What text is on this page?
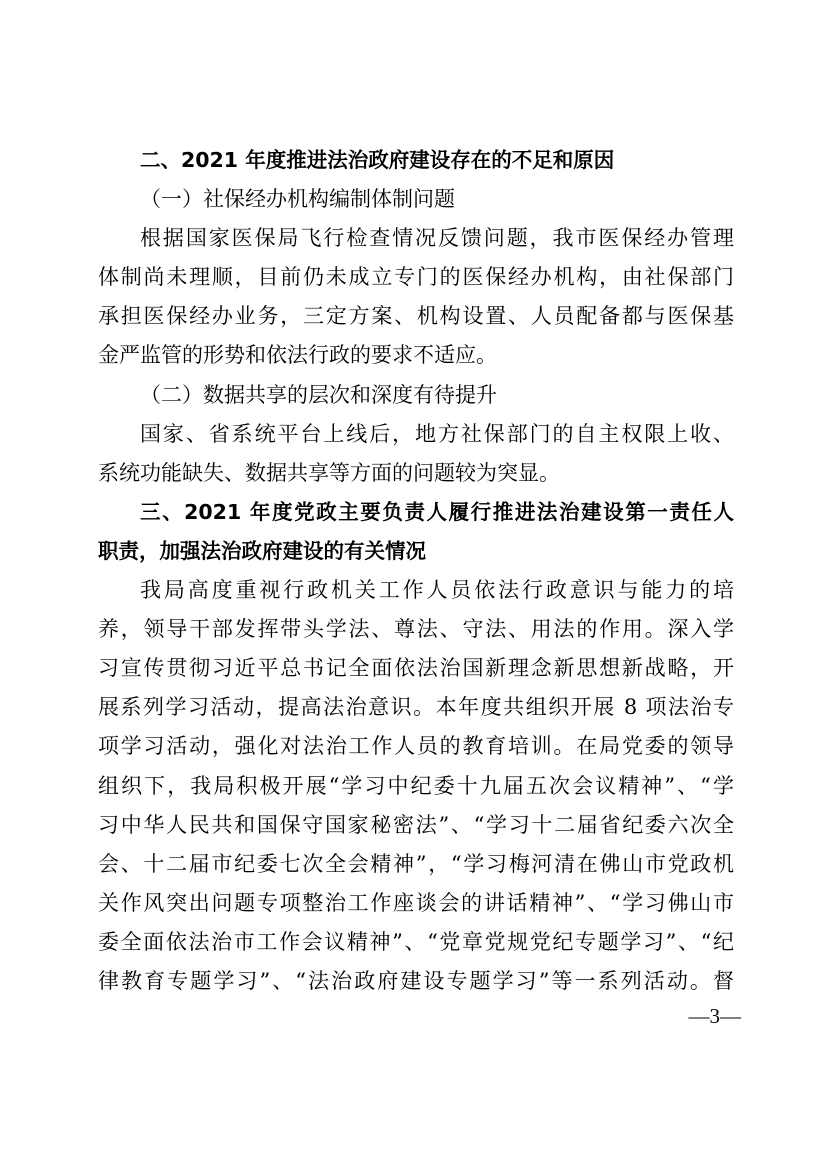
二、2021 年度推进法治政府建设存在的不足和原因
（一）社保经办机构编制体制问题
根据国家医保局飞行检查情况反馈问题，我市医保经办管理
体制尚未理顺，目前仍未成立专门的医保经办机构，由社保部门
承担医保经办业务，三定方案、机构设置、人员配备都与医保基
金严监管的形势和依法行政的要求不适应。
（二）数据共享的层次和深度有待提升
国家、省系统平台上线后，地方社保部门的自主权限上收、
系统功能缺失、数据共享等方面的问题较为突显。
三、2021 年度党政主要负责人履行推进法治建设第一责任人
职责，加强法治政府建设的有关情况
我局高度重视行政机关工作人员依法行政意识与能力的培
养，领导干部发挥带头学法、尊法、守法、用法的作用。深入学
习宣传贯彻习近平总书记全面依法治国新理念新思想新战略，开
展系列学习活动，提高法治意识。本年度共组织开展 8 项法治专
项学习活动，强化对法治工作人员的教育培训。在局党委的领导
组织下，我局积极开展“学习中纪委十九届五次会议精神”、“学
习中华人民共和国保守国家秘密法”、“学习十二届省纪委六次全
会、十二届市纪委七次全会精神”，“学习梅河清在佛山市党政机
关作风突出问题专项整治工作座谈会的讲话精神”、“学习佛山市
委全面依法治市工作会议精神”、“党章党规党纪专题学习”、“纪
律教育专题学习”、“法治政府建设专题学习”等一系列活动。督
—3—
